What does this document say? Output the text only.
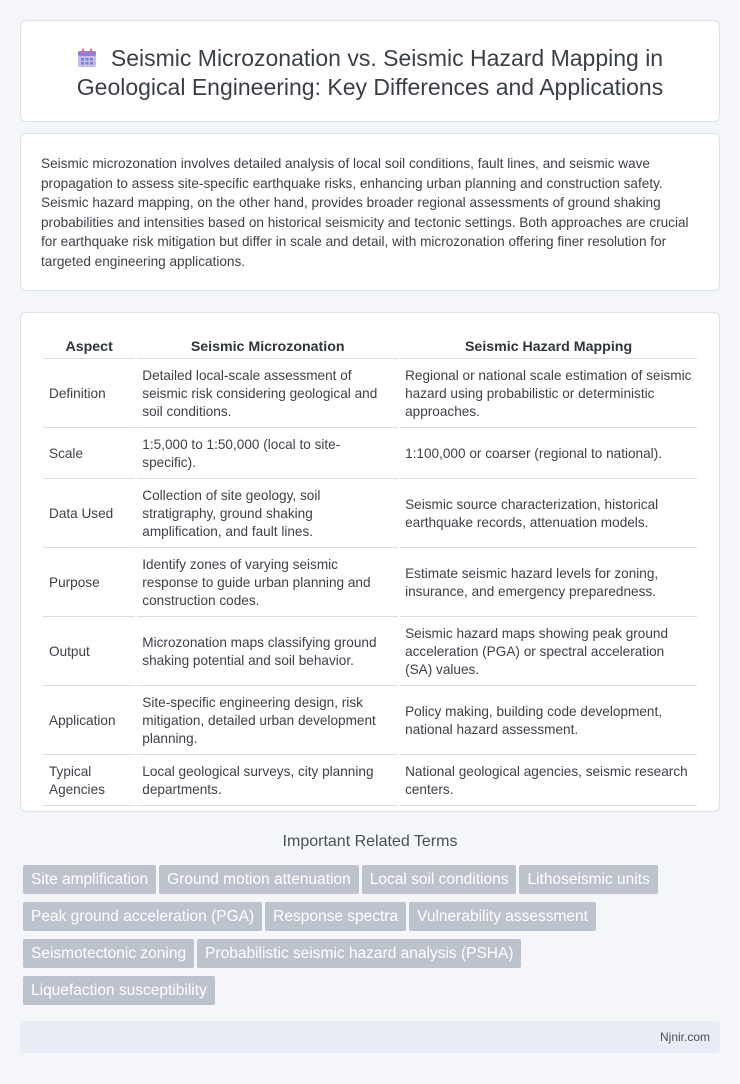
Seismic Microzonation vs. Seismic Hazard Mapping in Geological Engineering: Key Differences and Applications

Seismic microzonation involves detailed analysis of local soil conditions, fault lines, and seismic wave propagation to assess site-specific earthquake risks, enhancing urban planning and construction safety. Seismic hazard mapping, on the other hand, provides broader regional assessments of ground shaking probabilities and intensities based on historical seismicity and tectonic settings. Both approaches are crucial for earthquake risk mitigation but differ in scale and detail, with microzonation offering finer resolution for targeted engineering applications.

Aspect	Seismic Microzonation	Seismic Hazard Mapping
Definition	Detailed local-scale assessment of seismic risk considering geological and soil conditions.	Regional or national scale estimation of seismic hazard using probabilistic or deterministic approaches.
Scale	1:5,000 to 1:50,000 (local to site-specific).	1:100,000 or coarser (regional to national).
Data Used	Collection of site geology, soil stratigraphy, ground shaking amplification, and fault lines.	Seismic source characterization, historical earthquake records, attenuation models.
Purpose	Identify zones of varying seismic response to guide urban planning and construction codes.	Estimate seismic hazard levels for zoning, insurance, and emergency preparedness.
Output	Microzonation maps classifying ground shaking potential and soil behavior.	Seismic hazard maps showing peak ground acceleration (PGA) or spectral acceleration (SA) values.
Application	Site-specific engineering design, risk mitigation, detailed urban development planning.	Policy making, building code development, national hazard assessment.
Typical Agencies	Local geological surveys, city planning departments.	National geological agencies, seismic research centers.
Important Related Terms
Site amplification Ground motion attenuation Local soil conditions Lithoseismic units
Peak ground acceleration (PGA) Response spectra Vulnerability assessment
Seismotectonic zoning Probabilistic seismic hazard analysis (PSHA)
Liquefaction susceptibility
Njnir.com
